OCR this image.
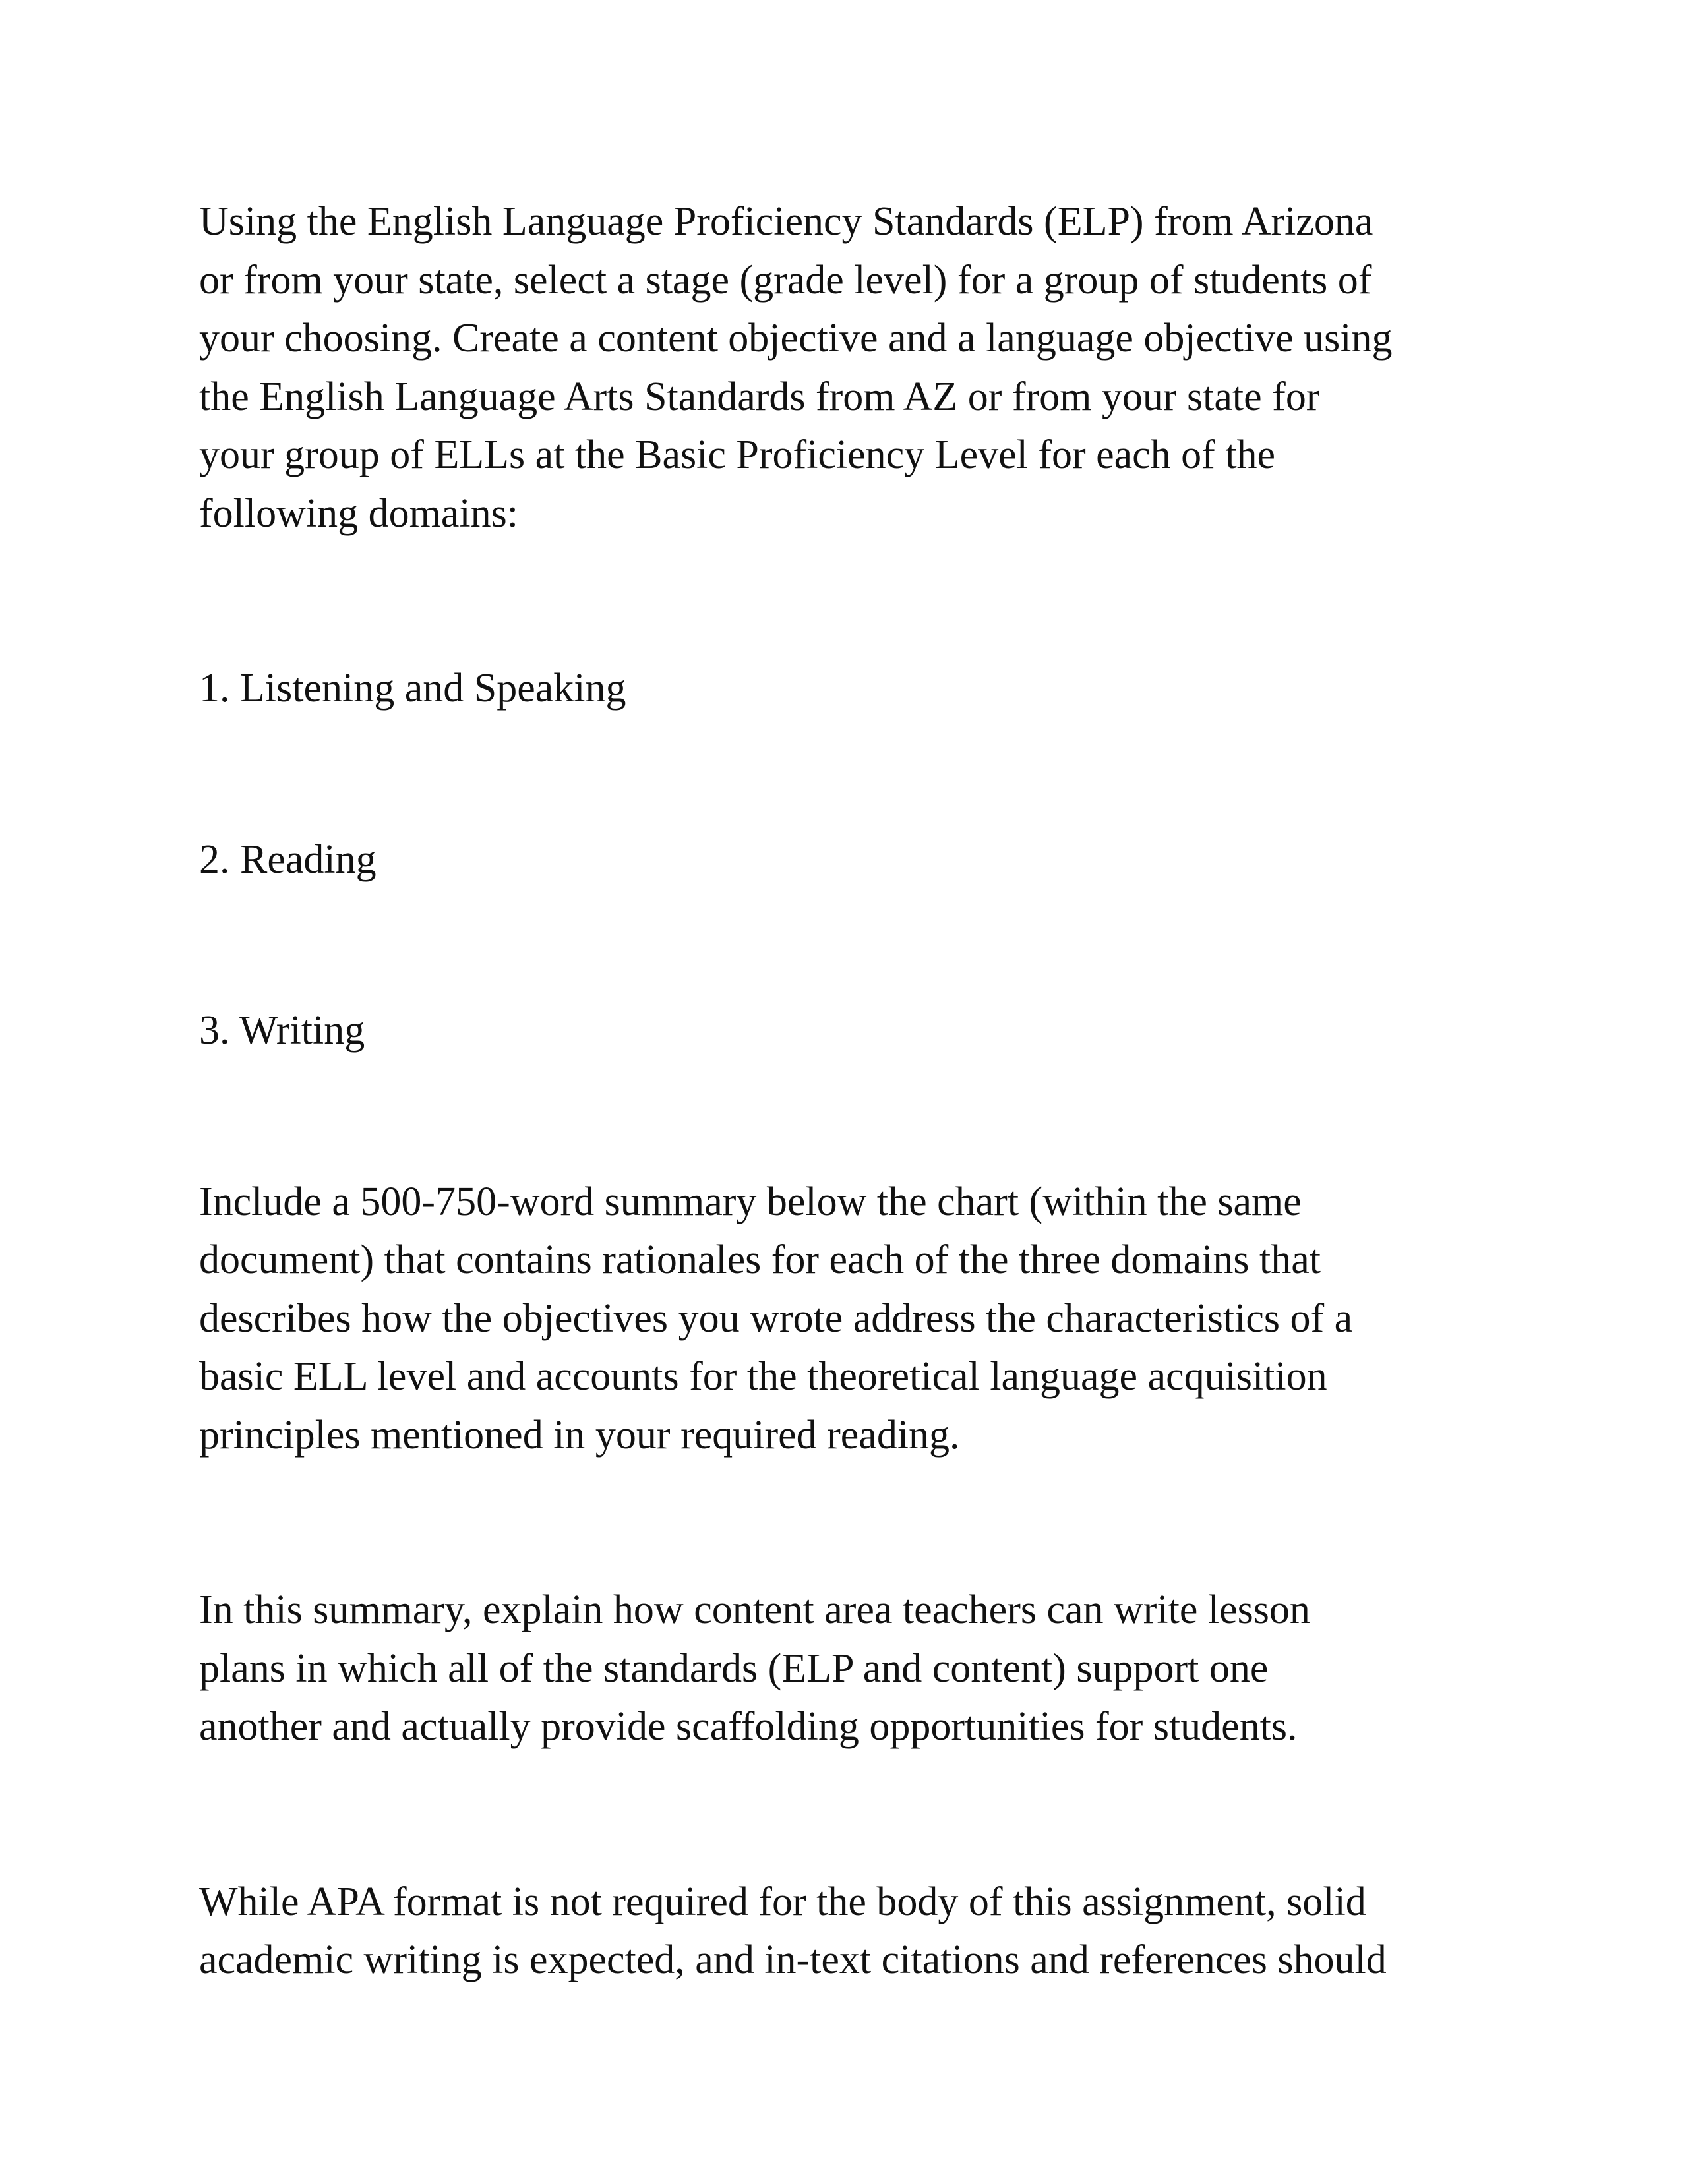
Using the English Language Proficiency Standards (ELP) from Arizona
or from your state, select a stage (grade level) for a group of students of
your choosing. Create a content objective and a language objective using
the English Language Arts Standards from AZ or from your state for
your group of ELLs at the Basic Proficiency Level for each of the
following domains:

1. Listening and Speaking

2. Reading

3. Writing

Include a 500-750-word summary below the chart (within the same
document) that contains rationales for each of the three domains that
describes how the objectives you wrote address the characteristics of a
basic ELL level and accounts for the theoretical language acquisition
principles mentioned in your required reading.

In this summary, explain how content area teachers can write lesson
plans in which all of the standards (ELP and content) support one
another and actually provide scaffolding opportunities for students.

While APA format is not required for the body of this assignment, solid
academic writing is expected, and in-text citations and references should
